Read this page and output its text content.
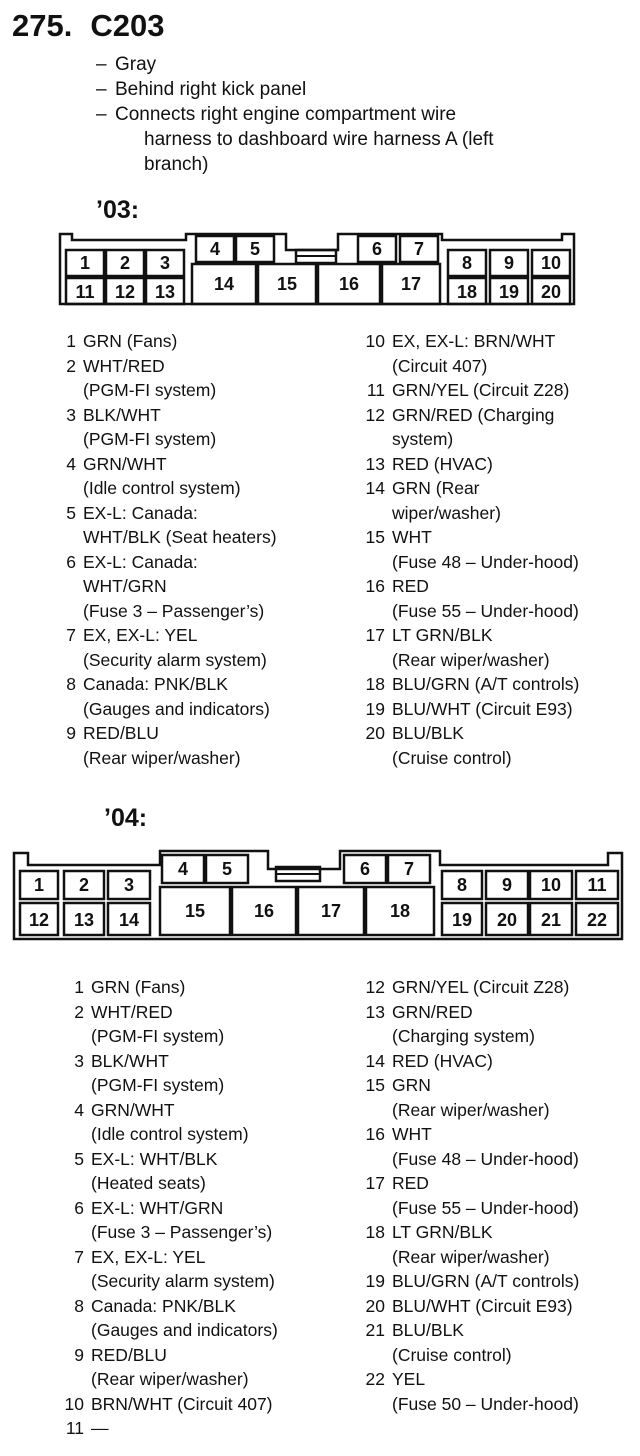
275. C203
– Gray
– Behind right kick panel
– Connects right engine compartment wire
harness to dashboard wire harness A (left
branch)
’03:
1 2 3
4 5	6 7
8 9 10
11 12 13 14 15 16 17 18 19 20
1 GRN (Fans)
2 WHT/RED
(PGM-FI system)
3 BLK/WHT
(PGM-FI system)
4 GRN/WHT
(Idle control system)
5 EX-L: Canada:
WHT/BLK (Seat heaters)
6 EX-L: Canada:
WHT/GRN
(Fuse 3 – Passenger’s)
7 EX, EX-L: YEL
(Security alarm system)
8 Canada: PNK/BLK
(Gauges and indicators)
9 RED/BLU
(Rear wiper/washer)
10 EX, EX-L: BRN/WHT
(Circuit 407)
11 GRN/YEL (Circuit Z28)
12 GRN/RED (Charging
system)
13 RED (HVAC)
14 GRN (Rear
wiper/washer)
15 WHT
(Fuse 48 – Under-hood)
16 RED
(Fuse 55 – Under-hood)
17 LT GRN/BLK
(Rear wiper/washer)
18 BLU/GRN (A/T controls)
19 BLU/WHT (Circuit E93)
20 BLU/BLK
(Cruise control)
’04:
1 2 3
4 5	6 7
8 9 10 11
12 13 14	15	16	17	18 19 20 21 22
1 GRN (Fans)
2 WHT/RED
(PGM-FI system)
3 BLK/WHT
(PGM-FI system)
4 GRN/WHT
(Idle control system)
5 EX-L: WHT/BLK
(Heated seats)
6 EX-L: WHT/GRN
(Fuse 3 – Passenger’s)
7 EX, EX-L: YEL
(Security alarm system)
8 Canada: PNK/BLK
(Gauges and indicators)
9 RED/BLU
(Rear wiper/washer)
10 BRN/WHT (Circuit 407)
11 —
12 GRN/YEL (Circuit Z28)
13 GRN/RED
(Charging system)
14 RED (HVAC)
15 GRN
(Rear wiper/washer)
16 WHT
(Fuse 48 – Under-hood)
17 RED
(Fuse 55 – Under-hood)
18 LT GRN/BLK
(Rear wiper/washer)
19 BLU/GRN (A/T controls)
20 BLU/WHT (Circuit E93)
21 BLU/BLK
(Cruise control)
22 YEL
(Fuse 50 – Under-hood)
